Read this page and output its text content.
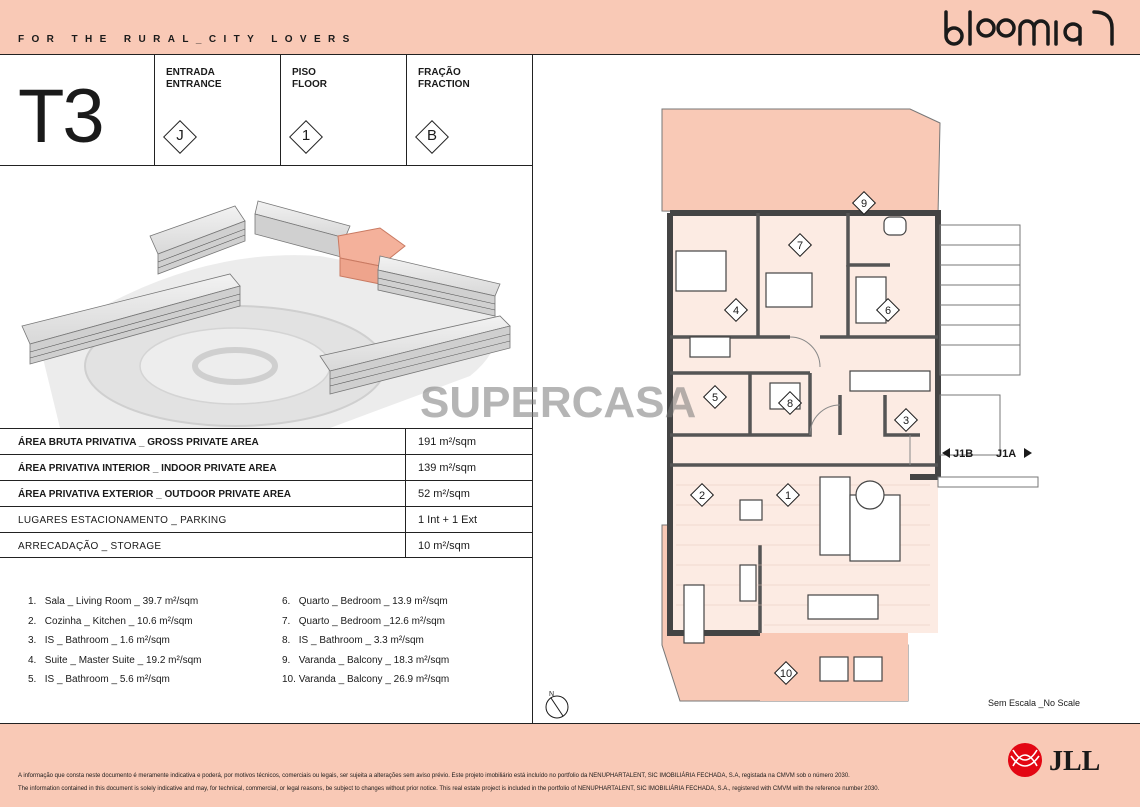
FOR THE RURAL_CITY LOVERS
T3
ENTRADA
ENTRANCE
J
PISO
FLOOR
1
FRAÇÃO
FRACTION
B
ÁREA BRUTA PRIVATIVA _ GROSS PRIVATE AREA	191 m²/sqm
ÁREA PRIVATIVA INTERIOR _ INDOOR PRIVATE AREA	139 m²/sqm
ÁREA PRIVATIVA EXTERIOR _ OUTDOOR PRIVATE AREA	52 m²/sqm
LUGARES ESTACIONAMENTO _ PARKING	1 Int + 1 Ext
ARRECADAÇÃO _ STORAGE	10 m²/sqm
1. Sala _ Living Room _ 39.7 m²/sqm
2. Cozinha _ Kitchen _ 10.6 m²/sqm
3. IS _ Bathroom _ 1.6 m²/sqm
4. Suite _ Master Suite _ 19.2 m²/sqm
5. IS _ Bathroom _ 5.6 m²/sqm
6. Quarto _ Bedroom _ 13.9 m²/sqm
7. Quarto _ Bedroom _12.6 m²/sqm
8. IS _ Bathroom _ 3.3 m²/sqm
9. Varanda _ Balcony _ 18.3 m²/sqm
10. Varanda _ Balcony _ 26.9 m²/sqm
J1B J1A
1
2
3
4
5
6
7
8
9
10
N
Sem Escala _No Scale
SUPERCASA
A informação que consta neste documento é meramente indicativa e poderá, por motivos técnicos, comerciais ou legais, ser sujeita a alterações sem aviso prévio. Este projeto imobiliário está incluído no portfolio da NENUPHARTALENT, SIC IMOBILIÁRIA FECHADA, S.A, registada na CMVM sob o número 2030.
The information contained in this document is solely indicative and may, for technical, commercial, or legal reasons, be subject to changes without prior notice. This real estate project is included in the portfolio of NENUPHARTALENT, SIC IMOBILIÁRIA FECHADA, S.A., registered with CMVM with the reference number 2030.
JLL
